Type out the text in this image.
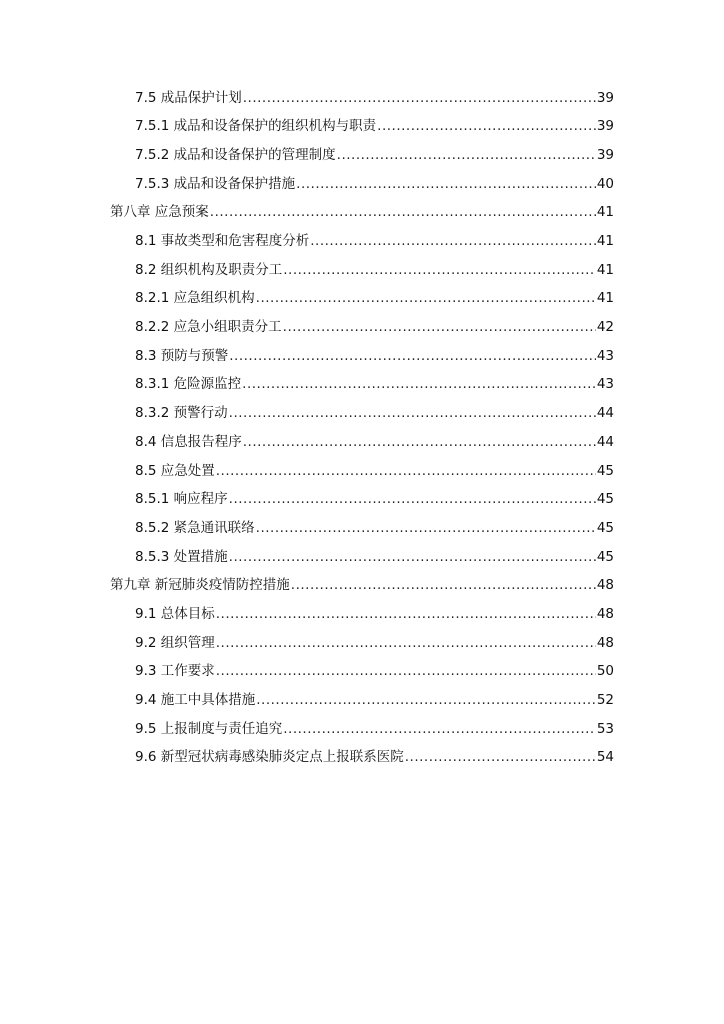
7.5 成品保护计划 .....	39
7.5.1 成品和设备保护的组织机构与职责 .....	39
7.5.2 成品和设备保护的管理制度 .....	39
7.5.3 成品和设备保护措施 .....	40
第八章 应急预案 .....	41
8.1 事故类型和危害程度分析 .....	41
8.2 组织机构及职责分工 .....	41
8.2.1 应急组织机构 .....	41
8.2.2 应急小组职责分工 .....	42
8.3 预防与预警 .....	43
8.3.1 危险源监控 .....	43
8.3.2 预警行动 .....	44
8.4 信息报告程序 .....	44
8.5 应急处置 .....	45
8.5.1 响应程序 .....	45
8.5.2 紧急通讯联络 .....	45
8.5.3 处置措施 .....	45
第九章 新冠肺炎疫情防控措施 .....	48
9.1 总体目标 .....	48
9.2 组织管理 .....	48
9.3 工作要求 .....	50
9.4 施工中具体措施 .....	52
9.5 上报制度与责任追究 .....	53
9.6 新型冠状病毒感染肺炎定点上报联系医院 .....	54
